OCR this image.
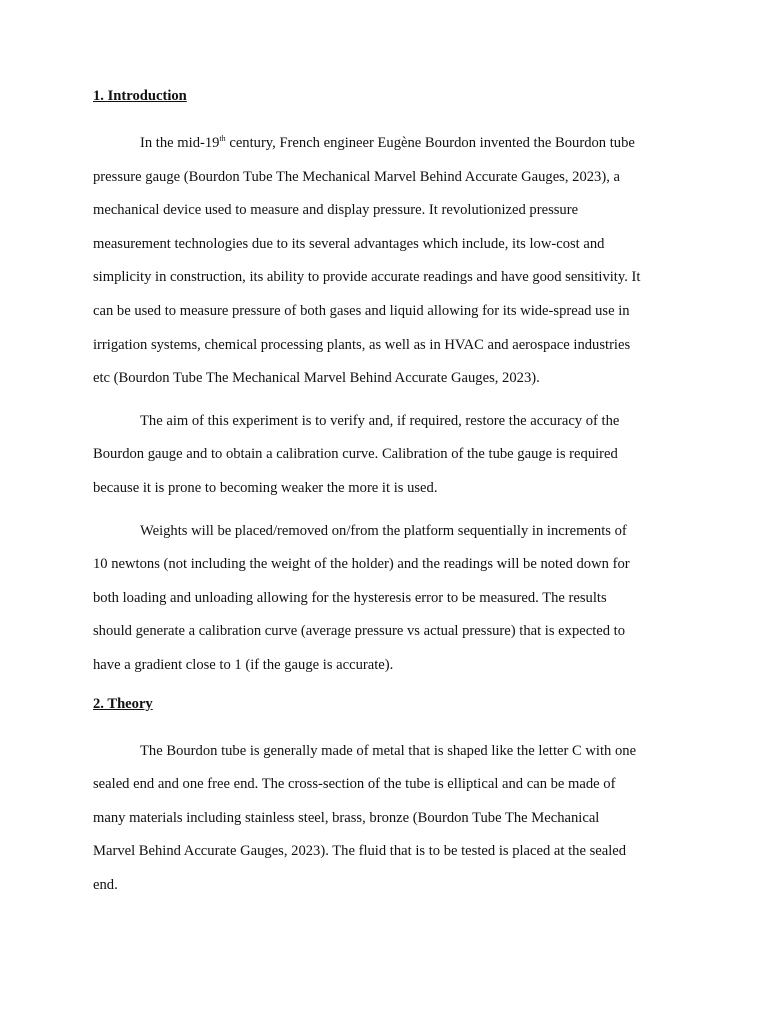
1. Introduction
In the mid-19th century, French engineer Eugène Bourdon invented the Bourdon tube
pressure gauge (Bourdon Tube The Mechanical Marvel Behind Accurate Gauges, 2023), a
mechanical device used to measure and display pressure. It revolutionized pressure
measurement technologies due to its several advantages which include, its low-cost and
simplicity in construction, its ability to provide accurate readings and have good sensitivity. It
can be used to measure pressure of both gases and liquid allowing for its wide-spread use in
irrigation systems, chemical processing plants, as well as in HVAC and aerospace industries
etc (Bourdon Tube The Mechanical Marvel Behind Accurate Gauges, 2023).
The aim of this experiment is to verify and, if required, restore the accuracy of the
Bourdon gauge and to obtain a calibration curve. Calibration of the tube gauge is required
because it is prone to becoming weaker the more it is used.
Weights will be placed/removed on/from the platform sequentially in increments of
10 newtons (not including the weight of the holder) and the readings will be noted down for
both loading and unloading allowing for the hysteresis error to be measured. The results
should generate a calibration curve (average pressure vs actual pressure) that is expected to
have a gradient close to 1 (if the gauge is accurate).
2. Theory
The Bourdon tube is generally made of metal that is shaped like the letter C with one
sealed end and one free end. The cross-section of the tube is elliptical and can be made of
many materials including stainless steel, brass, bronze (Bourdon Tube The Mechanical
Marvel Behind Accurate Gauges, 2023). The fluid that is to be tested is placed at the sealed
end.
